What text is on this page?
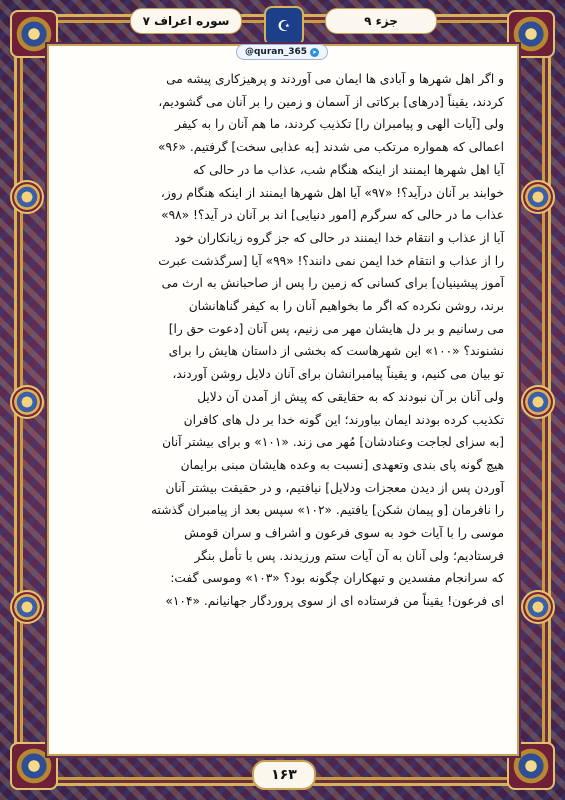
سوره اعراف ۷	☪	جزء ۹
@quran_365 ➤

و اگر اهل شهرها و آبادی ها ایمان می آوردند و پرهیزکاری پیشه می

کردند، یقیناً [درهای] برکاتی از آسمان و زمین را بر آنان می گشودیم،

ولی [آیات الهی و پیامبران را] تکذیب کردند، ما هم آنان را به کیفر

اعمالی که همواره مرتکب می شدند [به عذابی سخت] گرفتیم. «۹۶»

آیا اهل شهرها ایمنند از اینکه هنگام شب، عذاب ما در حالی که

خوابند بر آنان درآید؟! «۹۷» آیا اهل شهرها ایمنند از اینکه هنگام روز،

عذاب ما در حالی که سرگرم [امور دنیایی] اند بر آنان در آید؟! «۹۸»

آیا از عذاب و انتقام خدا ایمنند در حالی که جز گروه زیانکاران خود

را از عذاب و انتقام خدا ایمن نمی دانند؟! «۹۹» آیا [سرگذشت عبرت

آموز پیشینیان] برای کسانی که زمین را پس از صاحبانش به ارث می

برند، روشن نکرده که اگر ما بخواهیم آنان را به کیفر گناهانشان

می رسانیم و بر دل هایشان مهر می زنیم، پس آنان [دعوت حق را]

نشنوند؟ «۱۰۰» این شهرهاست که بخشی از داستان هایش را برای

تو بیان می کنیم، و یقیناً پیامبرانشان برای آنان دلایل روشن آوردند،

ولی آنان بر آن نبودند که به حقایقی که پیش از آمدن آن دلایل

تکذیب کرده بودند ایمان بیاورند؛ این گونه خدا بر دل های کافران

[به سزای لجاجت وعنادشان] مُهر می زند. «۱۰۱» و برای بیشتر آنان

هیچ گونه پای بندی وتعهدی [نسبت به وعده هایشان مبنی برایمان

آوردن پس از دیدن معجزات ودلایل] نیافتیم، و در حقیقت بیشتر آنان

را نافرمان [و پیمان شکن] یافتیم. «۱۰۲» سپس بعد از پیامبران گذشته

موسی را با آیات خود به سوی فرعون و اشراف و سران قومش

فرستادیم؛ ولی آنان به آن آیات ستم ورزیدند. پس با تأمل بنگر

که سرانجام مفسدین و تبهکاران چگونه بود؟ «۱۰۳» وموسی گفت:

ای فرعون! یقیناً من فرستاده ای از سوی پروردگار جهانیانم. «۱۰۴»

۱۶۳
